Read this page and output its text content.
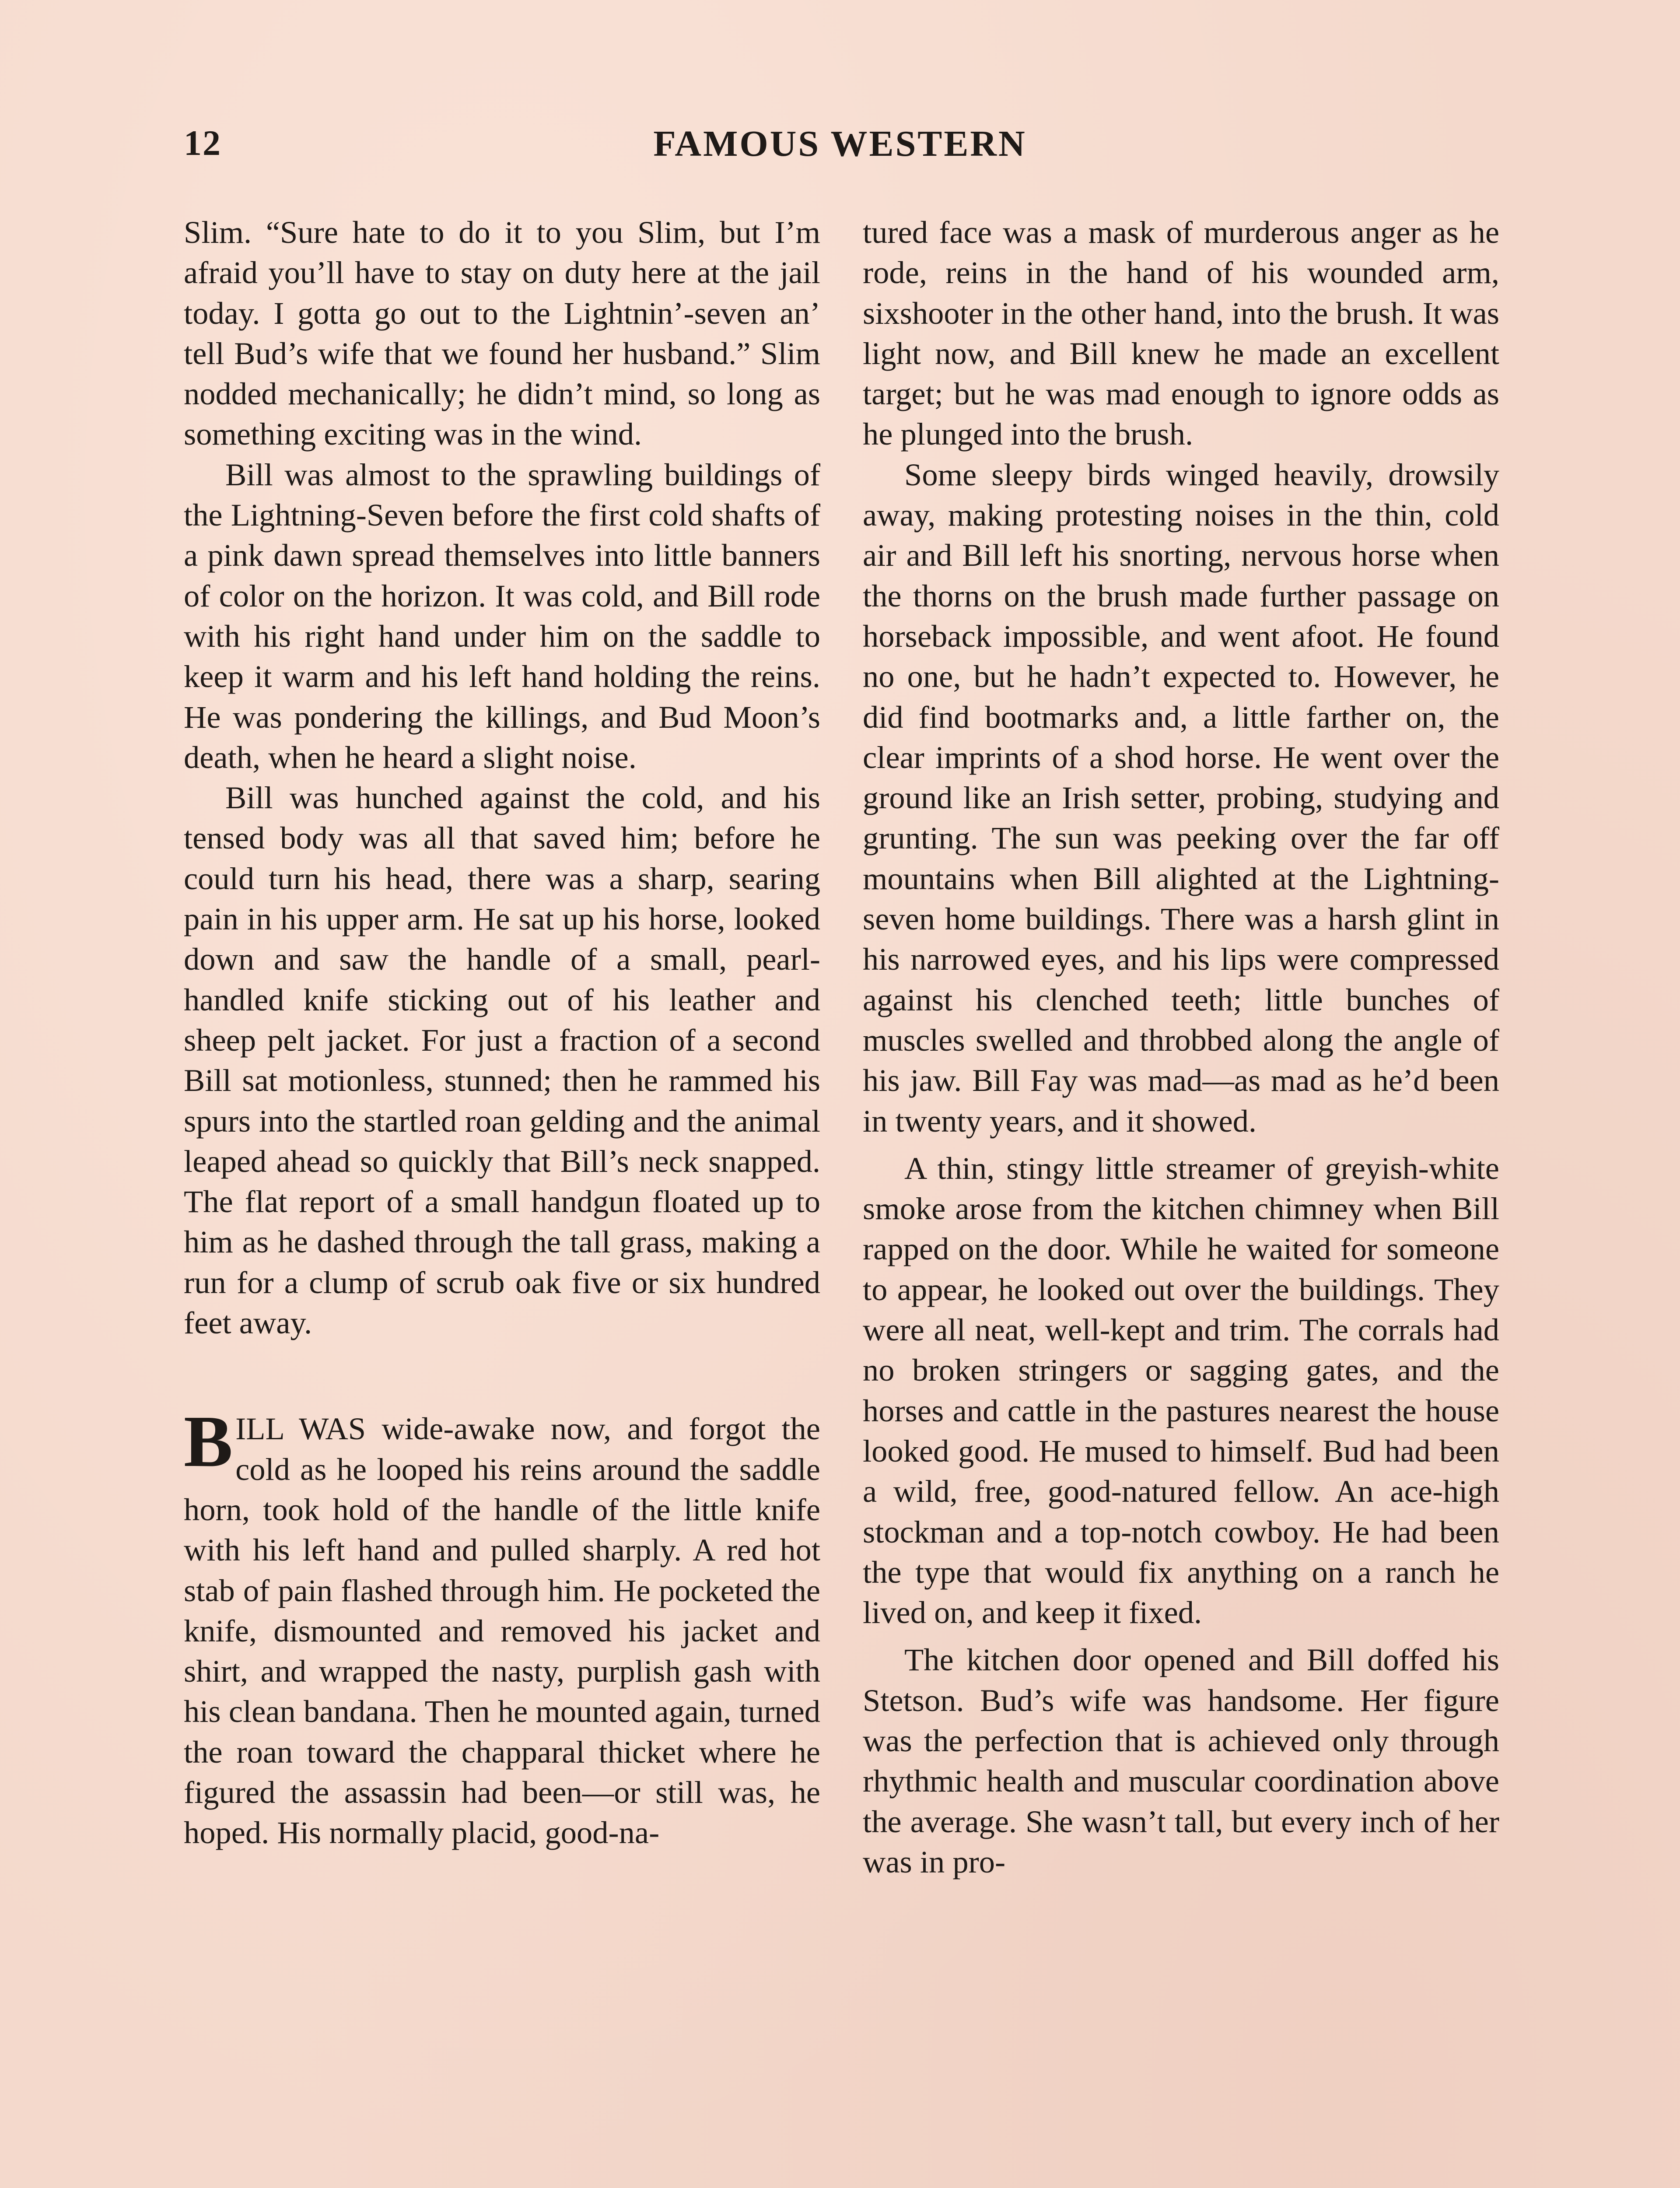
12	FAMOUS WESTERN

Slim. “Sure hate to do it to you Slim, but I’m afraid you’ll have to stay on duty here at the jail today. I gotta go out to the Lightnin’-seven an’ tell Bud’s wife that we found her husband.” Slim nodded mechanically; he didn’t mind, so long as something exciting was in the wind.

Bill was almost to the sprawling buildings of the Lightning-Seven before the first cold shafts of a pink dawn spread themselves into little banners of color on the horizon. It was cold, and Bill rode with his right hand under him on the saddle to keep it warm and his left hand holding the reins. He was pondering the killings, and Bud Moon’s death, when he heard a slight noise.

Bill was hunched against the cold, and his tensed body was all that saved him; before he could turn his head, there was a sharp, searing pain in his upper arm. He sat up his horse, looked down and saw the handle of a small, pearl-handled knife sticking out of his leather and sheep pelt jacket. For just a fraction of a second Bill sat motionless, stunned; then he rammed his spurs into the startled roan gelding and the animal leaped ahead so quickly that Bill’s neck snapped. The flat report of a small handgun floated up to him as he dashed through the tall grass, making a run for a clump of scrub oak five or six hundred feet away.

BILL WAS wide-awake now, and forgot the cold as he looped his reins around the saddle horn, took hold of the handle of the little knife with his left hand and pulled sharply. A red hot stab of pain flashed through him. He pocketed the knife, dismounted and removed his jacket and shirt, and wrapped the nasty, purplish gash with his clean bandana. Then he mounted again, turned the roan toward the chapparal thicket where he figured the assassin had been—or still was, he hoped. His normally placid, good-na-

tured face was a mask of murderous anger as he rode, reins in the hand of his wounded arm, sixshooter in the other hand, into the brush. It was light now, and Bill knew he made an excellent target; but he was mad enough to ignore odds as he plunged into the brush.

Some sleepy birds winged heavily, drowsily away, making protesting noises in the thin, cold air and Bill left his snorting, nervous horse when the thorns on the brush made further passage on horseback impossible, and went afoot. He found no one, but he hadn’t expected to. However, he did find bootmarks and, a little farther on, the clear imprints of a shod horse. He went over the ground like an Irish setter, probing, studying and grunting. The sun was peeking over the far off mountains when Bill alighted at the Lightning-seven home buildings. There was a harsh glint in his narrowed eyes, and his lips were compressed against his clenched teeth; little bunches of muscles swelled and throbbed along the angle of his jaw. Bill Fay was mad—as mad as he’d been in twenty years, and it showed.

A thin, stingy little streamer of greyish-white smoke arose from the kitchen chimney when Bill rapped on the door. While he waited for someone to appear, he looked out over the buildings. They were all neat, well-kept and trim. The corrals had no broken stringers or sagging gates, and the horses and cattle in the pastures nearest the house looked good. He mused to himself. Bud had been a wild, free, good-natured fellow. An ace-high stockman and a top-notch cowboy. He had been the type that would fix anything on a ranch he lived on, and keep it fixed.

The kitchen door opened and Bill doffed his Stetson. Bud’s wife was handsome. Her figure was the perfection that is achieved only through rhythmic health and muscular coordination above the average. She wasn’t tall, but every inch of her was in pro-
